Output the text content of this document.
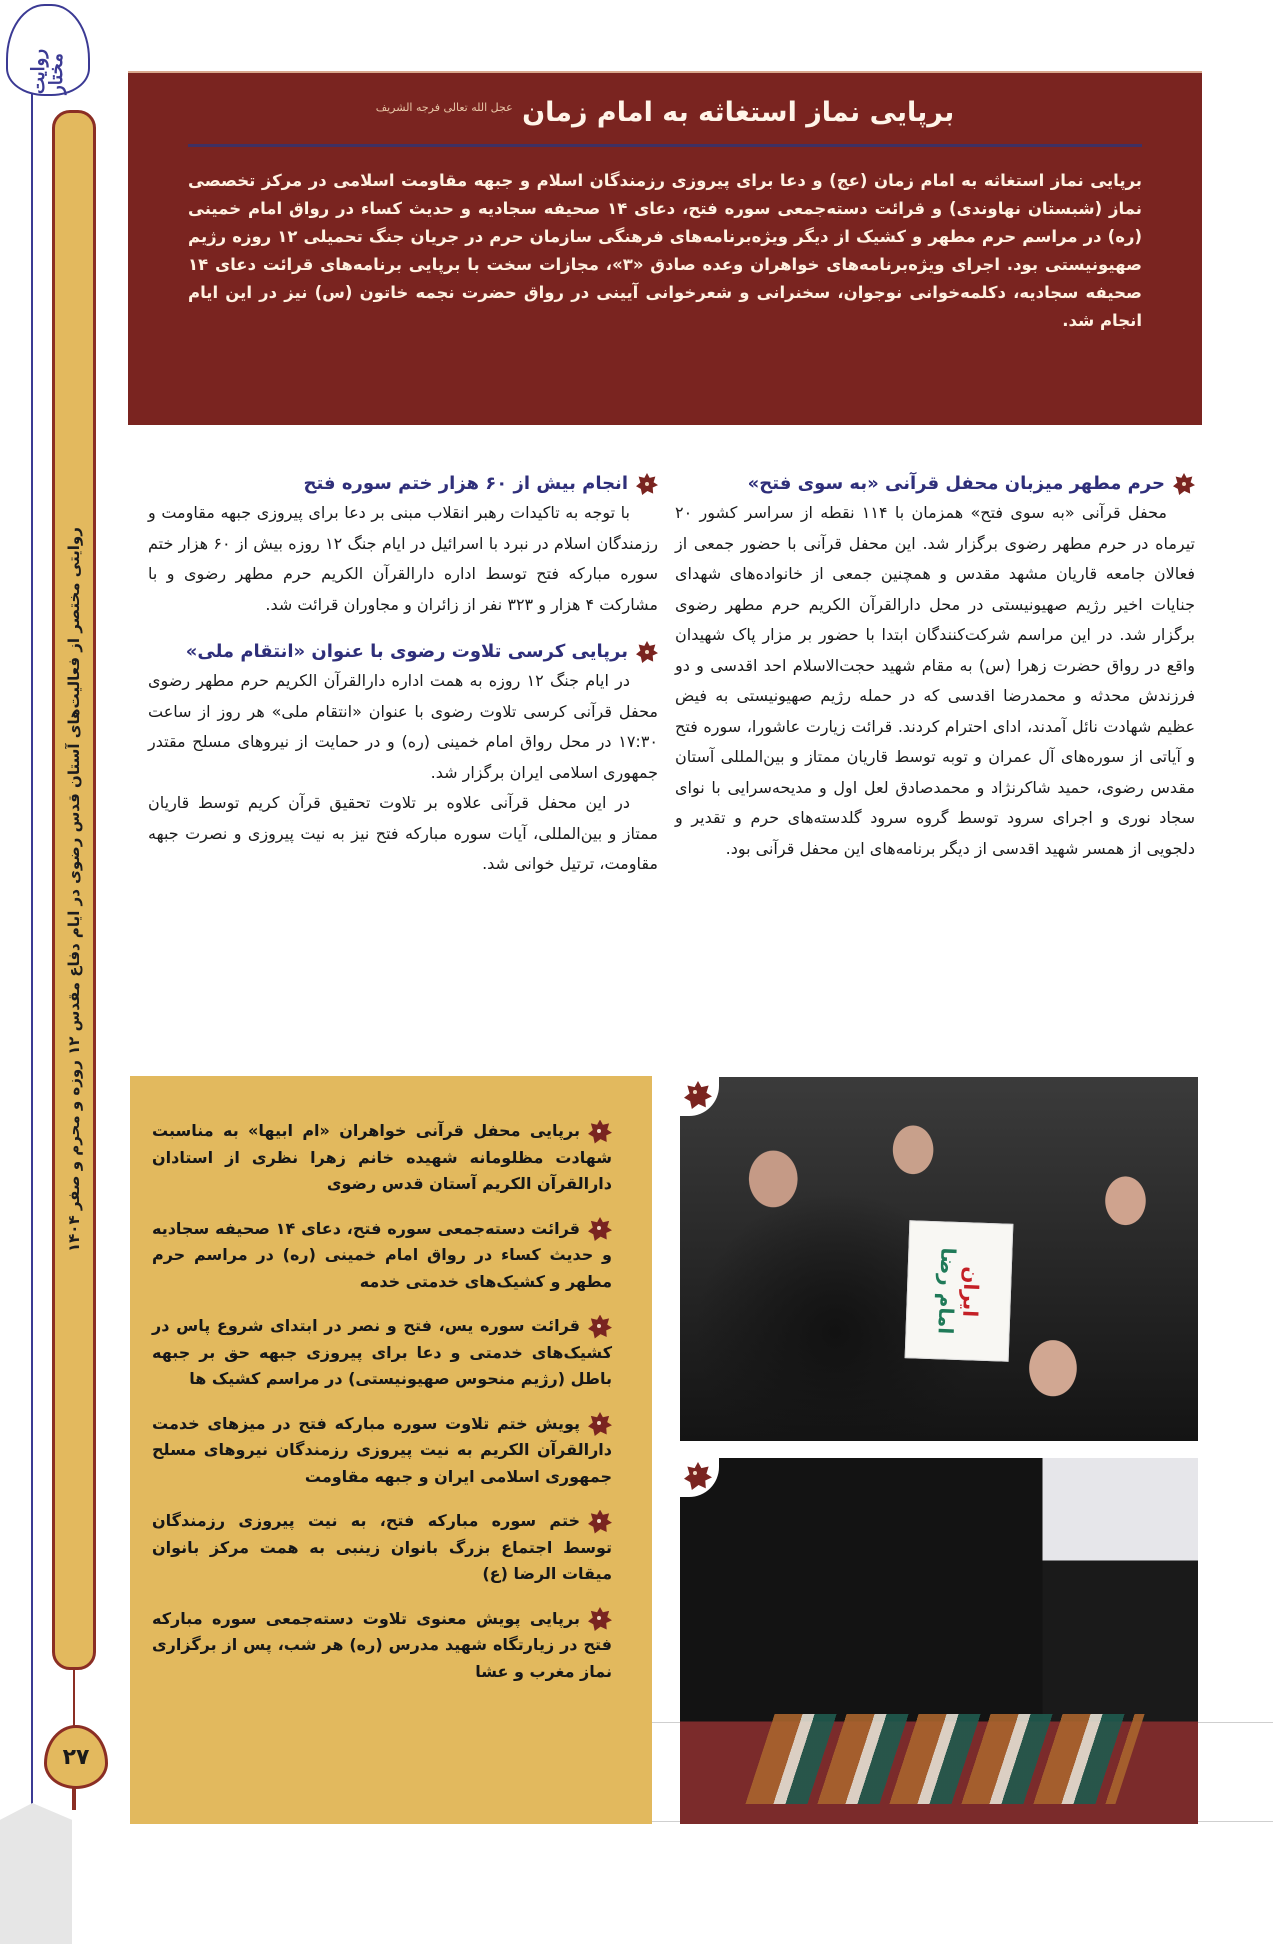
روایت مختار
روایتی مختصر از فعالیت‌های آستان قدس رضوی در ایام دفاع مقدس ۱۲ روزه و محرم و صفر ۱۴۰۴
۲۷
برپایی نماز استغاثه به امام زمان $^{عجل الله تعالی فرجه الشریف}$

برپایی نماز استغاثه به امام زمان (عج) و دعا برای پیروزی رزمندگان اسلام و جبهه مقاومت اسلامی در مرکز تخصصی نماز (شبستان نهاوندی) و قرائت دسته‌جمعی سوره فتح، دعای ۱۴ صحیفه سجادیه و حدیث کساء در رواق امام خمینی (ره) در مراسم حرم مطهر و کشیک از دیگر ویژه‌برنامه‌های فرهنگی سازمان حرم در جریان جنگ تحمیلی ۱۲ روزه رژیم صهیونیستی بود. اجرای ویژه‌برنامه‌های خواهران وعده صادق «۳»، مجازات سخت با برپایی برنامه‌های قرائت دعای ۱۴ صحیفه سجادیه، دکلمه‌خوانی نوجوان، سخنرانی و شعرخوانی آیینی در رواق حضرت نجمه خاتون (س) نیز در این ایام انجام شد.

حرم مطهر میزبان محفل قرآنی «به سوی فتح»

محفل قرآنی «به سوی فتح» همزمان با ۱۱۴ نقطه از سراسر کشور ۲۰ تیرماه در حرم مطهر رضوی برگزار شد. این محفل قرآنی با حضور جمعی از فعالان جامعه قاریان مشهد مقدس و همچنین جمعی از خانواده‌های شهدای جنایات اخیر رژیم صهیونیستی در محل دارالقرآن الکریم حرم مطهر رضوی برگزار شد. در این مراسم شرکت‌کنندگان ابتدا با حضور بر مزار پاک شهیدان واقع در رواق حضرت زهرا (س) به مقام شهید حجت‌الاسلام احد اقدسی و دو فرزندش محدثه و محمدرضا اقدسی که در حمله رژیم صهیونیستی به فیض عظیم شهادت نائل آمدند، ادای احترام کردند. قرائت زیارت عاشورا، سوره فتح و آیاتی از سوره‌های آل عمران و توبه توسط قاریان ممتاز و بین‌المللی آستان مقدس رضوی، حمید شاکرنژاد و محمدصادق لعل اول و مدیحه‌سرایی با نوای سجاد نوری و اجرای سرود توسط گروه سرود گلدسته‌های حرم و تقدیر و دلجویی از همسر شهید اقدسی از دیگر برنامه‌های این محفل قرآنی بود.

انجام بیش از ۶۰ هزار ختم سوره فتح

با توجه به تاکیدات رهبر انقلاب مبنی بر دعا برای پیروزی جبهه مقاومت و رزمندگان اسلام در نبرد با اسرائیل در ایام جنگ ۱۲ روزه بیش از ۶۰ هزار ختم سوره مبارکه فتح توسط اداره دارالقرآن الکریم حرم مطهر رضوی و با مشارکت ۴ هزار و ۳۲۳ نفر از زائران و مجاوران قرائت شد.

برپایی کرسی تلاوت رضوی با عنوان «انتقام ملی»

در ایام جنگ ۱۲ روزه به همت اداره دارالقرآن الکریم حرم مطهر رضوی محفل قرآنی کرسی تلاوت رضوی با عنوان «انتقام ملی» هر روز از ساعت ۱۷:۳۰ در محل رواق امام خمینی (ره) و در حمایت از نیروهای مسلح مقتدر جمهوری اسلامی ایران برگزار شد.

در این محفل قرآنی علاوه بر تلاوت تحقیق قرآن کریم توسط قاریان ممتاز و بین‌المللی، آیات سوره مبارکه فتح نیز به نیت پیروزی و نصرت جبهه مقاومت، ترتیل خوانی شد.

برپایی محفل قرآنی خواهران «ام ابیها» به مناسبت شهادت مظلومانه شهیده خانم زهرا نظری از استادان دارالقرآن الکریم آستان قدس رضوی

قرائت دسته‌جمعی سوره فتح، دعای ۱۴ صحیفه سجادیه و حدیث کساء در رواق امام خمینی (ره) در مراسم حرم مطهر و کشیک‌های خدمتی خدمه

قرائت سوره یس، فتح و نصر در ابتدای شروع پاس در کشیک‌های خدمتی و دعا برای پیروزی جبهه حق بر جبهه باطل (رژیم منحوس صهیونیستی) در مراسم کشیک ها

پویش ختم تلاوت سوره مبارکه فتح در میزهای خدمت دارالقرآن الکریم به نیت پیروزی رزمندگان نیروهای مسلح جمهوری اسلامی ایران و جبهه مقاومت

ختم سوره مبارکه فتح، به نیت پیروزی رزمندگان توسط اجتماع بزرگ بانوان زینبی به همت مرکز بانوان میقات الرضا (ع)

برپایی پویش معنوی تلاوت دسته‌جمعی سوره مبارکه فتح در زیارتگاه شهید مدرس (ره) هر شب، پس از برگزاری نماز مغرب و عشا

ایران
امام رضا
